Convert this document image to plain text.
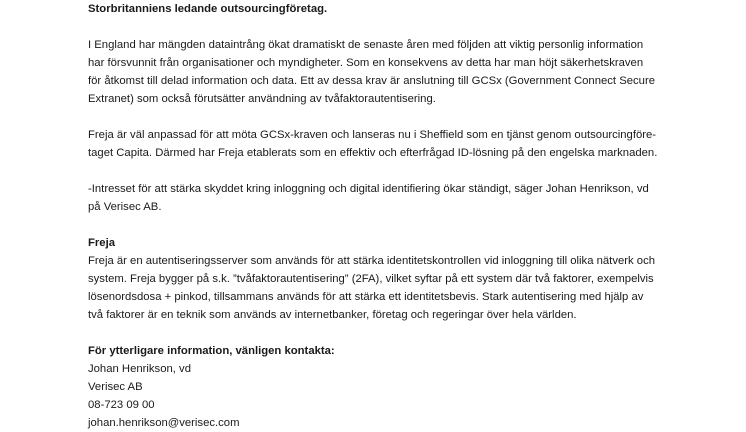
Storbritanniens ledande outsourcingföretag.
I England har mängden dataintrång ökat dramatiskt de senaste åren med följden att viktig personlig information
har försvunnit från organisationer och myndigheter. Som en konsekvens av detta har man höjt säkerhetskraven
för åtkomst till delad information och data. Ett av dessa krav är anslutning till GCSx (Government Connect Secure
Extranet) som också förutsätter användning av tvåfaktorautentisering.
Freja är väl anpassad för att möta GCSx-kraven och lanseras nu i Sheffield som en tjänst genom outsourcingföre-
taget Capita. Därmed har Freja etablerats som en effektiv och efterfrågad ID-lösning på den engelska marknaden.
-Intresset för att stärka skyddet kring inloggning och digital identifiering ökar ständigt, säger Johan Henrikson, vd
på Verisec AB.
Freja
Freja är en autentiseringsserver som används för att stärka identitetskontrollen vid inloggning till olika nätverk och
system. Freja bygger på s.k. ”tvåfaktorautentisering” (2FA), vilket syftar på ett system där två faktorer, exempelvis
lösenordsdosa + pinkod, tillsammans används för att stärka ett identitetsbevis. Stark autentisering med hjälp av
två faktorer är en teknik som används av internetbanker, företag och regeringar över hela världen.
För ytterligare information, vänligen kontakta:
Johan Henrikson, vd
Verisec AB
08-723 09 00
johan.henrikson@verisec.com
